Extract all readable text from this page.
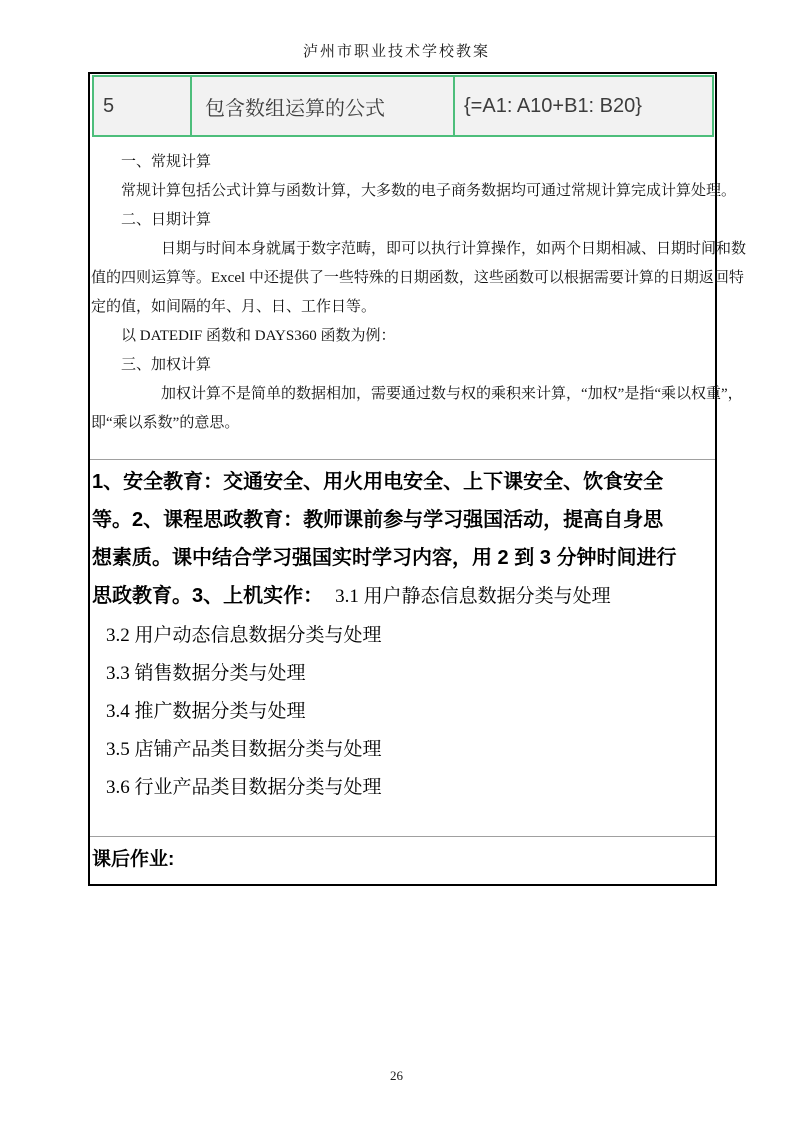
泸州市职业技术学校教案
5	包含数组运算的公式	{=A1: A10+B1: B20}
一、常规计算
常规计算包括公式计算与函数计算，大多数的电子商务数据均可通过常规计算完成计算处理。
二、日期计算
日期与时间本身就属于数字范畴，即可以执行计算操作，如两个日期相减、日期时间和数
值的四则运算等。Excel 中还提供了一些特殊的日期函数，这些函数可以根据需要计算的日期返回特
定的值，如间隔的年、月、日、工作日等。
以 DATEDIF 函数和 DAYS360 函数为例：
三、加权计算
加权计算不是简单的数据相加，需要通过数与权的乘积来计算，“加权”是指“乘以权重”，
即“乘以系数”的意思。
1、安全教育：交通安全、用火用电安全、上下课安全、饮食安全
等。2、课程思政教育：教师课前参与学习强国活动，提高自身思
想素质。课中结合学习强国实时学习内容，用 2 到 3 分钟时间进行
思政教育。3、上机实作： 3.1 用户静态信息数据分类与处理
3.2 用户动态信息数据分类与处理
3.3 销售数据分类与处理
3.4 推广数据分类与处理
3.5 店铺产品类目数据分类与处理
3.6 行业产品类目数据分类与处理
课后作业:
26
